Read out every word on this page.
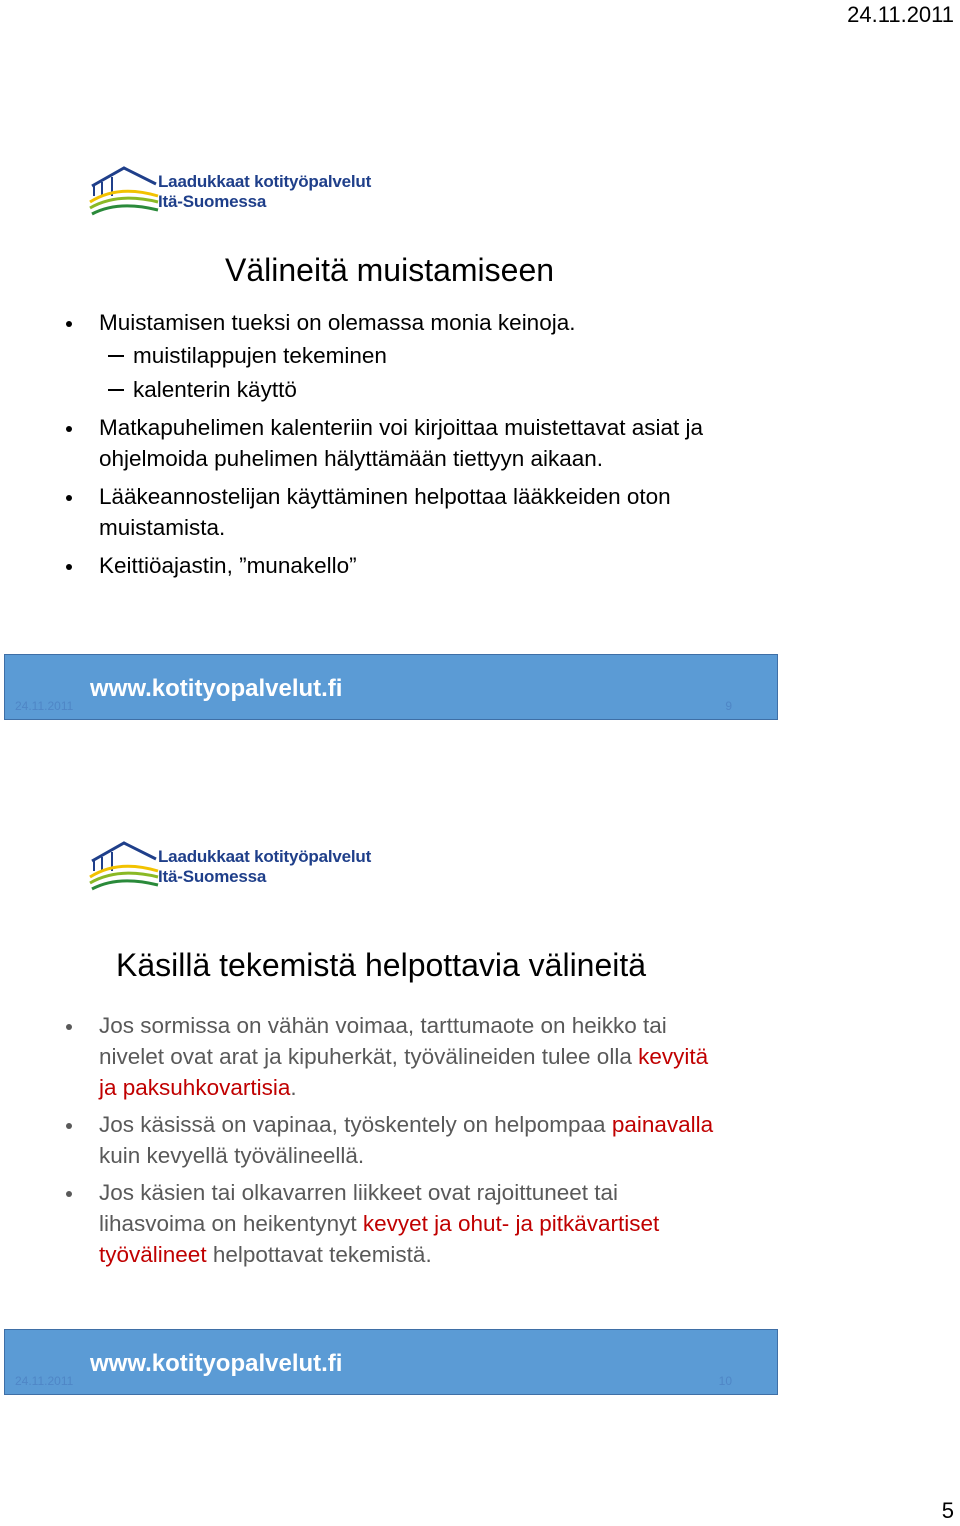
24.11.2011
Laadukkaat kotityöpalvelut
Itä-Suomessa
Välineitä muistamiseen
Muistamisen tueksi on olemassa monia keinoja.
muistilappujen tekeminen
kalenterin käyttö
Matkapuhelimen kalenteriin voi kirjoittaa muistettavat asiat ja ohjelmoida puhelimen hälyttämään tiettyyn aikaan.
Lääkeannostelijan käyttäminen helpottaa lääkkeiden oton muistamista.
Keittiöajastin, ”munakello”
www.kotityopalvelut.fi
24.11.2011	9
Laadukkaat kotityöpalvelut
Itä-Suomessa
Käsillä tekemistä helpottavia välineitä
Jos sormissa on vähän voimaa, tarttumaote on heikko tai nivelet ovat arat ja kipuherkät, työvälineiden tulee olla kevyitä ja paksuhkovartisia.
Jos käsissä on vapinaa, työskentely on helpompaa painavalla kuin kevyellä työvälineellä.
Jos käsien tai olkavarren liikkeet ovat rajoittuneet tai lihasvoima on heikentynyt kevyet ja ohut- ja pitkävartiset työvälineet helpottavat tekemistä.
www.kotityopalvelut.fi
24.11.2011	10
5
